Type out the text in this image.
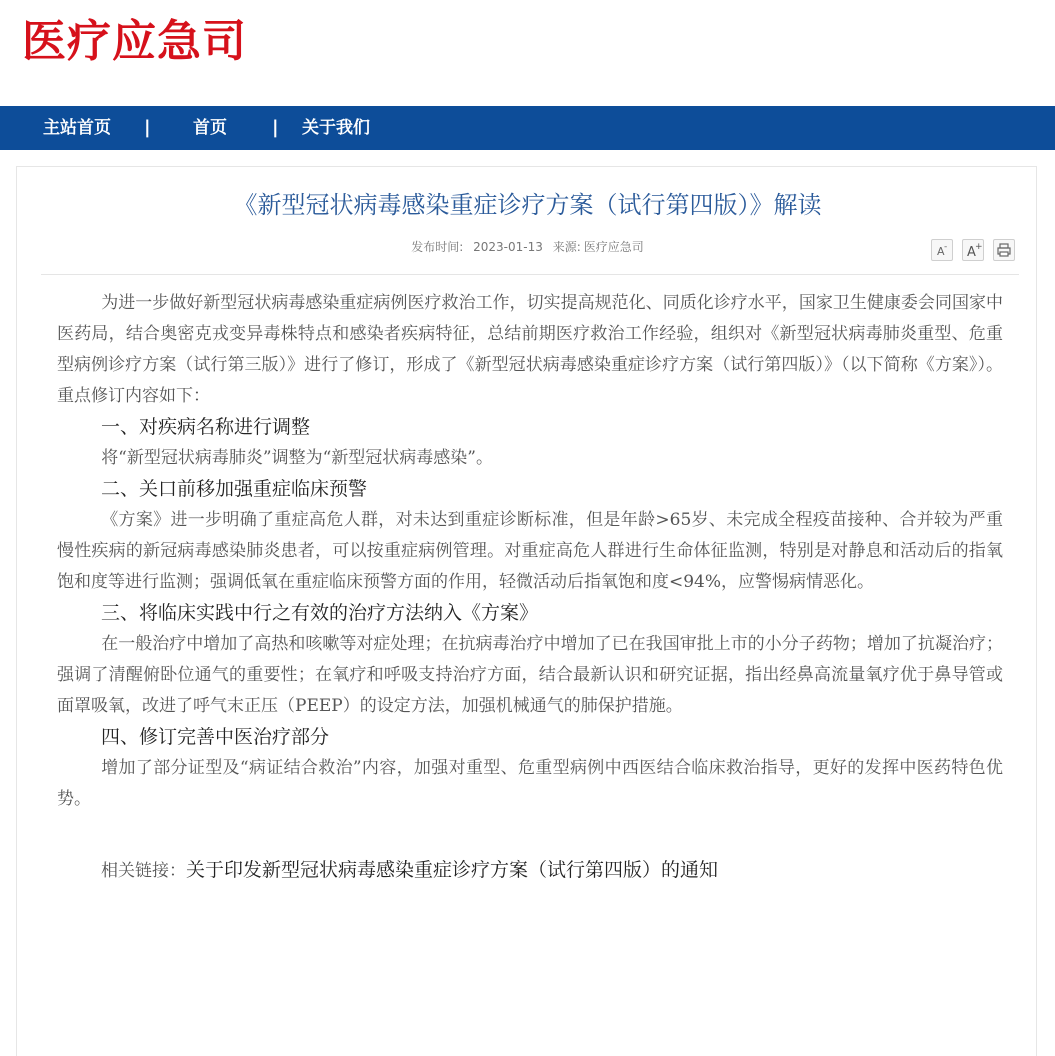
医疗应急司
主站首页 | 首页	| 关于我们
《新型冠状病毒感染重症诊疗方案（试行第四版）》解读
发布时间: 2023-01-13 来源: 医疗应急司	A - A +

为进一步做好新型冠状病毒感染重症病例医疗救治工作，切实提高规范化、同质化诊疗水平，国家卫生健康委会同国家中医药局，结合奥密克戎变异毒株特点和感染者疾病特征，总结前期医疗救治工作经验，组织对《新型冠状病毒肺炎重型、危重型病例诊疗方案（试行第三版）》进行了修订，形成了《新型冠状病毒感染重症诊疗方案（试行第四版）》（以下简称《方案》）。重点修订内容如下：

一、对疾病名称进行调整

将“新型冠状病毒肺炎”调整为“新型冠状病毒感染”。

二、关口前移加强重症临床预警

《方案》进一步明确了重症高危人群，对未达到重症诊断标准，但是年龄>65岁、未完成全程疫苗接种、合并较为严重慢性疾病的新冠病毒感染肺炎患者，可以按重症病例管理。对重症高危人群进行生命体征监测，特别是对静息和活动后的指氧饱和度等进行监测；强调低氧在重症临床预警方面的作用，轻微活动后指氧饱和度<94%，应警惕病情恶化。

三、将临床实践中行之有效的治疗方法纳入《方案》

在一般治疗中增加了高热和咳嗽等对症处理；在抗病毒治疗中增加了已在我国审批上市的小分子药物；增加了抗凝治疗；强调了清醒俯卧位通气的重要性；在氧疗和呼吸支持治疗方面，结合最新认识和研究证据，指出经鼻高流量氧疗优于鼻导管或面罩吸氧，改进了呼气末正压（PEEP）的设定方法，加强机械通气的肺保护措施。

四、修订完善中医治疗部分

增加了部分证型及“病证结合救治”内容，加强对重型、危重型病例中西医结合临床救治指导，更好的发挥中医药特色优势。

相关链接：关于印发新型冠状病毒感染重症诊疗方案（试行第四版）的通知
